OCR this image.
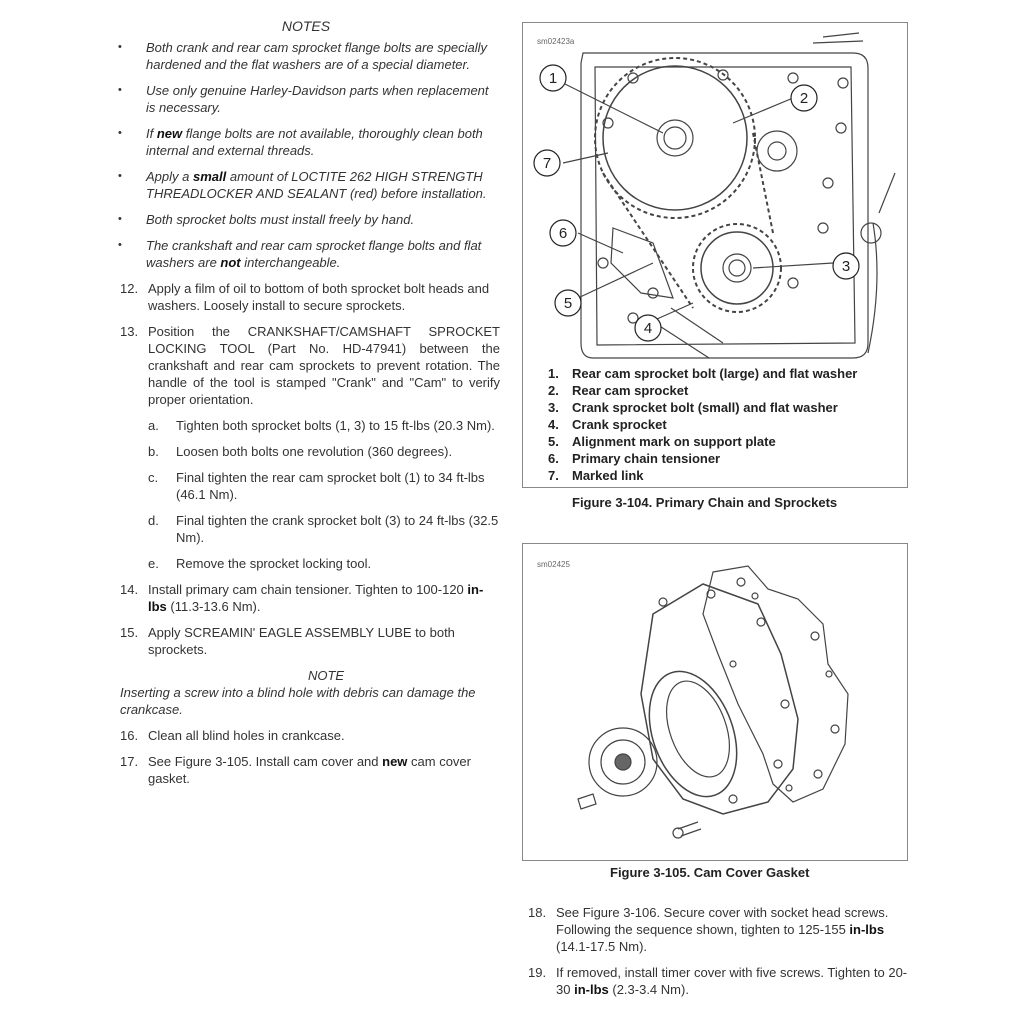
NOTES
• Both crank and rear cam sprocket flange bolts are specially hardened and the flat washers are of a special diameter.
• Use only genuine Harley-Davidson parts when replacement is necessary.
• If new flange bolts are not available, thoroughly clean both internal and external threads.
• Apply a small amount of LOCTITE 262 HIGH STRENGTH THREADLOCKER AND SEALANT (red) before installation.
• Both sprocket bolts must install freely by hand.
• The crankshaft and rear cam sprocket flange bolts and flat washers are not interchangeable.
12. Apply a film of oil to bottom of both sprocket bolt heads and washers. Loosely install to secure sprockets.
13. Position the CRANKSHAFT/CAMSHAFT SPROCKET LOCKING TOOL (Part No. HD-47941) between the crankshaft and rear cam sprockets to prevent rotation. The handle of the tool is stamped "Crank" and "Cam" to verify proper orientation.
a. Tighten both sprocket bolts (1, 3) to 15 ft-lbs (20.3 Nm).
b. Loosen both bolts one revolution (360 degrees).
c. Final tighten the rear cam sprocket bolt (1) to 34 ft-lbs (46.1 Nm).
d. Final tighten the crank sprocket bolt (3) to 24 ft-lbs (32.5 Nm).
e. Remove the sprocket locking tool.
14. Install primary cam chain tensioner. Tighten to 100-120 in-lbs (11.3-13.6 Nm).
15. Apply SCREAMIN' EAGLE ASSEMBLY LUBE to both sprockets.
NOTE
Inserting a screw into a blind hole with debris can damage the crankcase.
16. Clean all blind holes in crankcase.
17. See Figure 3-105. Install cam cover and new cam cover gasket.
sm02423a
1
2
3
4
5
6
7
1. Rear cam sprocket bolt (large) and flat washer
2. Rear cam sprocket
3. Crank sprocket bolt (small) and flat washer
4. Crank sprocket
5. Alignment mark on support plate
6. Primary chain tensioner
7. Marked link
Figure 3-104. Primary Chain and Sprockets
sm02425
Figure 3-105. Cam Cover Gasket
18. See Figure 3-106. Secure cover with socket head screws. Following the sequence shown, tighten to 125-155 in-lbs (14.1-17.5 Nm).
19. If removed, install timer cover with five screws. Tighten to 20-30 in-lbs (2.3-3.4 Nm).
